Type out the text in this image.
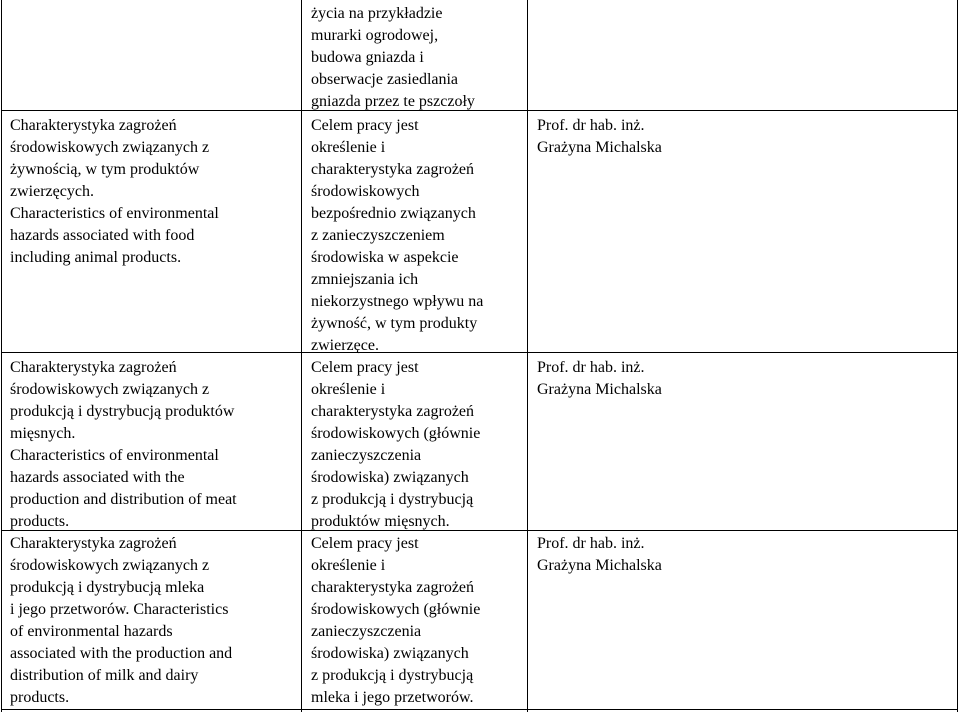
życia na przykładzie
murarki ogrodowej,
budowa gniazda i
obserwacje zasiedlania
gniazda przez te pszczoły
Charakterystyka zagrożeń
środowiskowych związanych z
żywnością, w tym produktów
zwierzęcych.
Characteristics of environmental
hazards associated with food
including animal products.
Celem pracy jest
określenie i
charakterystyka zagrożeń
środowiskowych
bezpośrednio związanych
z zanieczyszczeniem
środowiska w aspekcie
zmniejszania ich
niekorzystnego wpływu na
żywność, w tym produkty
zwierzęce.
Prof. dr hab. inż.
Grażyna Michalska
Charakterystyka zagrożeń
środowiskowych związanych z
produkcją i dystrybucją produktów
mięsnych.
Characteristics of environmental
hazards associated with the
production and distribution of meat
products.
Celem pracy jest
określenie i
charakterystyka zagrożeń
środowiskowych (głównie
zanieczyszczenia
środowiska) związanych
z produkcją i dystrybucją
produktów mięsnych.
Prof. dr hab. inż.
Grażyna Michalska
Charakterystyka zagrożeń
środowiskowych związanych z
produkcją i dystrybucją mleka
i jego przetworów. Characteristics
of environmental hazards
associated with the production and
distribution of milk and dairy
products.
Celem pracy jest
określenie i
charakterystyka zagrożeń
środowiskowych (głównie
zanieczyszczenia
środowiska) związanych
z produkcją i dystrybucją
mleka i jego przetworów.
Prof. dr hab. inż.
Grażyna Michalska
